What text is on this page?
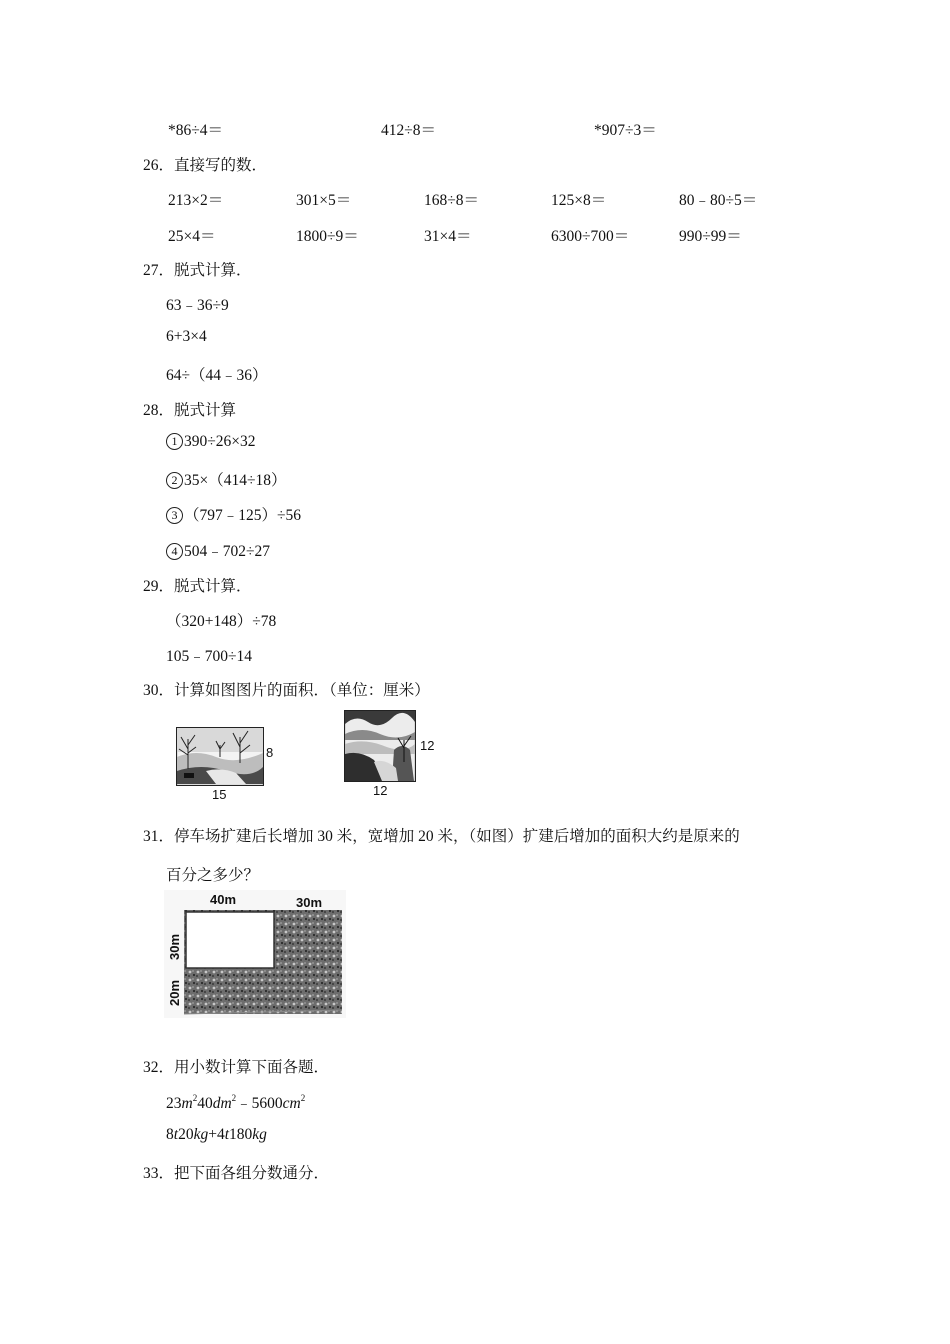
*86÷4＝	412÷8＝	*907÷3＝
26．直接写的数．
213×2＝	301×5＝	168÷8＝	125×8＝	80﹣80÷5＝
25×4＝	1800÷9＝	31×4＝	6300÷700＝	990÷99＝
27．脱式计算．
63﹣36÷9
6+3×4
64÷（44﹣36）
28．脱式计算
1 390÷26×32
2 35×（414÷18）
3 （797﹣125）÷56
4 504﹣702÷27
29．脱式计算．
（320+148）÷78
105﹣700÷14
30．计算如图图片的面积．（单位：厘米）
8
15
12
12
31．停车场扩建后长增加 30 米，宽增加 20 米，（如图）扩建后增加的面积大约是原来的
百分之多少？
40m	30m
30m
20m
32．用小数计算下面各题．
$23m^240dm^2﹣5600cm^2$
8t20kg+4t180kg
33．把下面各组分数通分．
